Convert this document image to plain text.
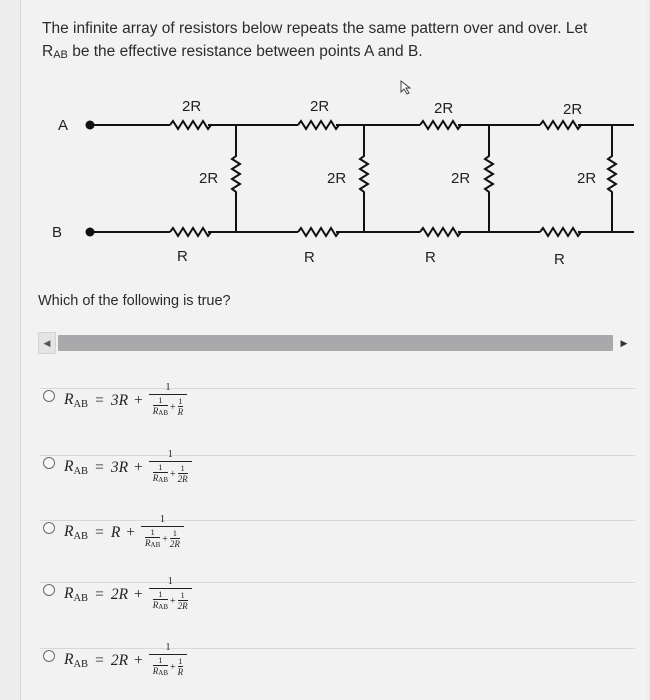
The infinite array of resistors below repeats the same pattern over and over. Let
$R_{AB}$ be the effective resistance between points A and B.
A
B
2R	2R	2R	2R
2R	2R	2R	2R
R	R	R	R
Which of the following is true?
◀	▶
$R_{AB} = 3R + 1$
1
RAB
+
1
R
$R_{AB} = 3R + 1$
1
RAB
+
1
2R
$R_{AB} = R + 1$
1
RAB
+
1
2R
$R_{AB} = 2R + 1$
1
RAB
+
1
2R
$R_{AB} = 2R + 1$
1
RAB
+
1
R
